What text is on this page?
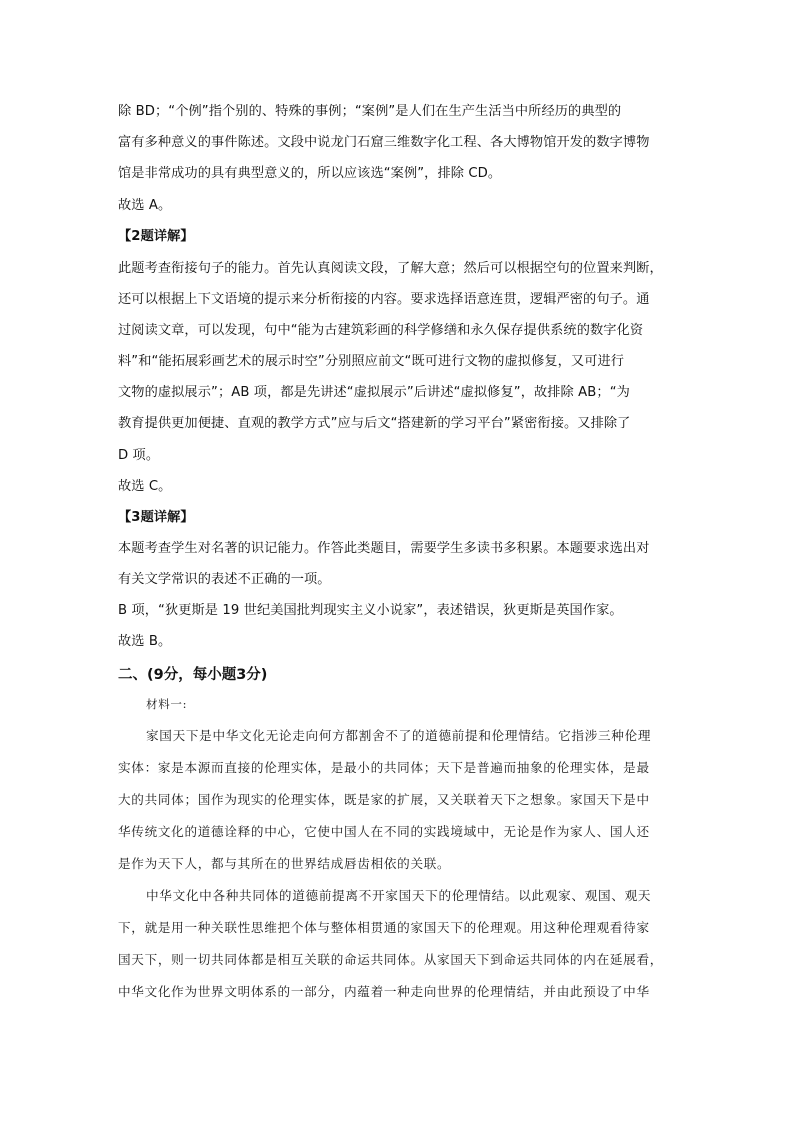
除 BD；“个例”指个别的、特殊的事例；“案例”是人们在生产生活当中所经历的典型的
富有多种意义的事件陈述。文段中说龙门石窟三维数字化工程、各大博物馆开发的数字博物
馆是非常成功的具有典型意义的，所以应该选“案例”，排除 CD。
故选 A。
【2题详解】
此题考查衔接句子的能力。首先认真阅读文段，了解大意；然后可以根据空句的位置来判断，
还可以根据上下文语境的提示来分析衔接的内容。要求选择语意连贯，逻辑严密的句子。通
过阅读文章，可以发现，句中“能为古建筑彩画的科学修缮和永久保存提供系统的数字化资
料”和“能拓展彩画艺术的展示时空”分别照应前文“既可进行文物的虚拟修复，又可进行
文物的虚拟展示”；AB 项，都是先讲述“虚拟展示”后讲述“虚拟修复”，故排除 AB；“为
教育提供更加便捷、直观的教学方式”应与后文“搭建新的学习平台”紧密衔接。又排除了
D 项。
故选 C。
【3题详解】
本题考查学生对名著的识记能力。作答此类题目，需要学生多读书多积累。本题要求选出对
有关文学常识的表述不正确的一项。
B 项，“狄更斯是 19 世纪美国批判现实主义小说家”，表述错误，狄更斯是英国作家。
故选 B。
二、(9分，每小题3分)
材料一:
家国天下是中华文化无论走向何方都割舍不了的道德前提和伦理情结。它指涉三种伦理
实体：家是本源而直接的伦理实体，是最小的共同体；天下是普遍而抽象的伦理实体，是最
大的共同体；国作为现实的伦理实体，既是家的扩展，又关联着天下之想象。家国天下是中
华传统文化的道德诠释的中心，它使中国人在不同的实践境域中，无论是作为家人、国人还
是作为天下人，都与其所在的世界结成唇齿相依的关联。
中华文化中各种共同体的道德前提离不开家国天下的伦理情结。以此观家、观国、观天
下，就是用一种关联性思维把个体与整体相贯通的家国天下的伦理观。用这种伦理观看待家
国天下，则一切共同体都是相互关联的命运共同体。从家国天下到命运共同体的内在延展看，
中华文化作为世界文明体系的一部分，内蕴着一种走向世界的伦理情结，并由此预设了中华
